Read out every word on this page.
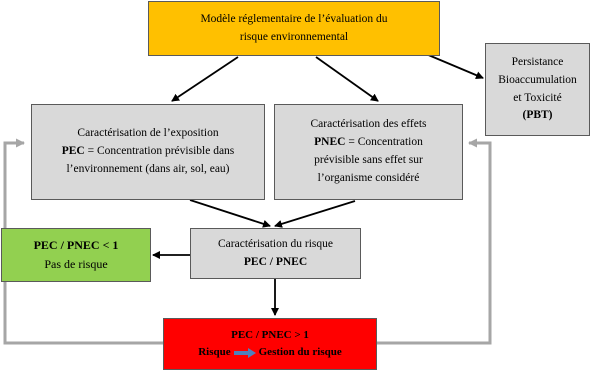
Modèle réglementaire de l’évaluation du
risque environnemental
Persistance
Bioaccumulation
et Toxicité
(PBT)
Caractérisation de l’exposition
PEC = Concentration prévisible dans
l’environnement (dans air, sol, eau)
Caractérisation des effets
PNEC = Concentration
prévisible sans effet sur
l’organisme considéré
Caractérisation du risque
PEC / PNEC
PEC / PNEC < 1
Pas de risque
PEC / PNEC > 1
Risque	Gestion du risque
